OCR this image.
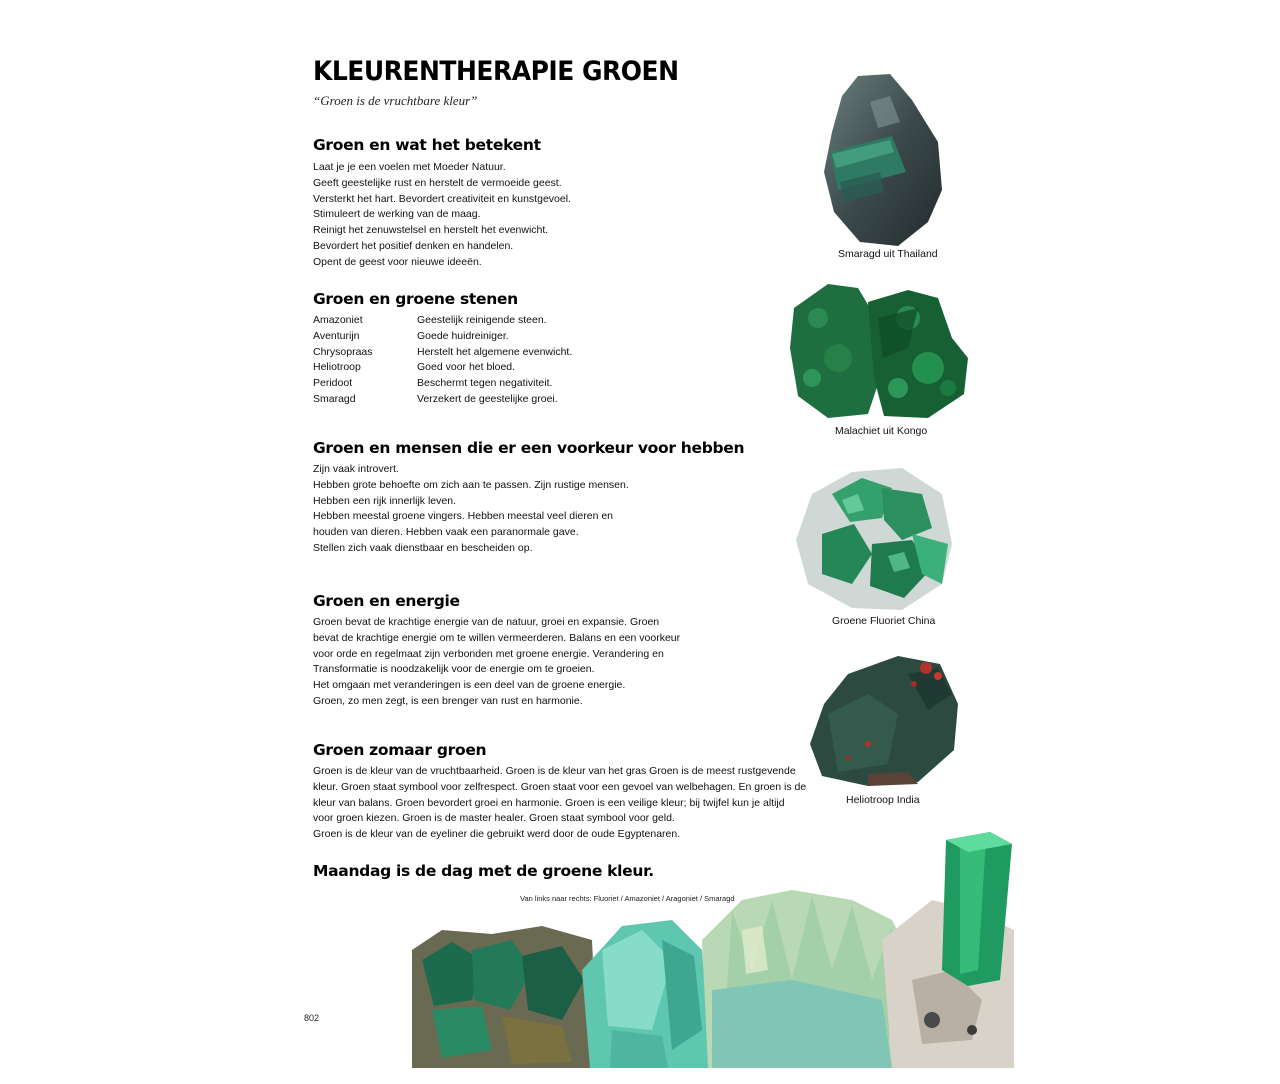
KLEURENTHERAPIE GROEN

“Groen is de vruchtbare kleur”

Groen en wat het betekent
Laat je je een voelen met Moeder Natuur.
Geeft geestelijke rust en herstelt de vermoeide geest.
Versterkt het hart. Bevordert creativiteit en kunstgevoel.
Stimuleert de werking van de maag.
Reinigt het zenuwstelsel en herstelt het evenwicht.
Bevordert het positief denken en handelen.
Opent de geest voor nieuwe ideeën.
Groen en groene stenen
Amazoniet	Geestelijk reinigende steen.
Aventurijn	Goede huidreiniger.
Chrysopraas	Herstelt het algemene evenwicht.
Heliotroop	Goed voor het bloed.
Peridoot	Beschermt tegen negativiteit.
Smaragd	Verzekert de geestelijke groei.
Groen en mensen die er een voorkeur voor hebben
Zijn vaak introvert.
Hebben grote behoefte om zich aan te passen. Zijn rustige mensen.
Hebben een rijk innerlijk leven.
Hebben meestal groene vingers. Hebben meestal veel dieren en
houden van dieren. Hebben vaak een paranormale gave.
Stellen zich vaak dienstbaar en bescheiden op.
Groen en energie
Groen bevat de krachtige energie van de natuur, groei en expansie. Groen
bevat de krachtige energie om te willen vermeerderen. Balans en een voorkeur
voor orde en regelmaat zijn verbonden met groene energie. Verandering en
Transformatie is noodzakelijk voor de energie om te groeien.
Het omgaan met veranderingen is een deel van de groene energie.
Groen, zo men zegt, is een brenger van rust en harmonie.
Groen zomaar groen
Groen is de kleur van de vruchtbaarheid. Groen is de kleur van het gras Groen is de meest rustgevende
kleur. Groen staat symbool voor zelfrespect. Groen staat voor een gevoel van welbehagen. En groen is de
kleur van balans. Groen bevordert groei en harmonie. Groen is een veilige kleur; bij twijfel kun je altijd
voor groen kiezen. Groen is de master healer. Groen staat symbool voor geld.
Groen is de kleur van de eyeliner die gebruikt werd door de oude Egyptenaren.
Maandag is de dag met de groene kleur.
Smaragd uit Thailand
Malachiet uit Kongo
Groene Fluoriet China
Heliotroop India
Van links naar rechts: Fluoriet / Amazoniet / Aragoniet / Smaragd
802
